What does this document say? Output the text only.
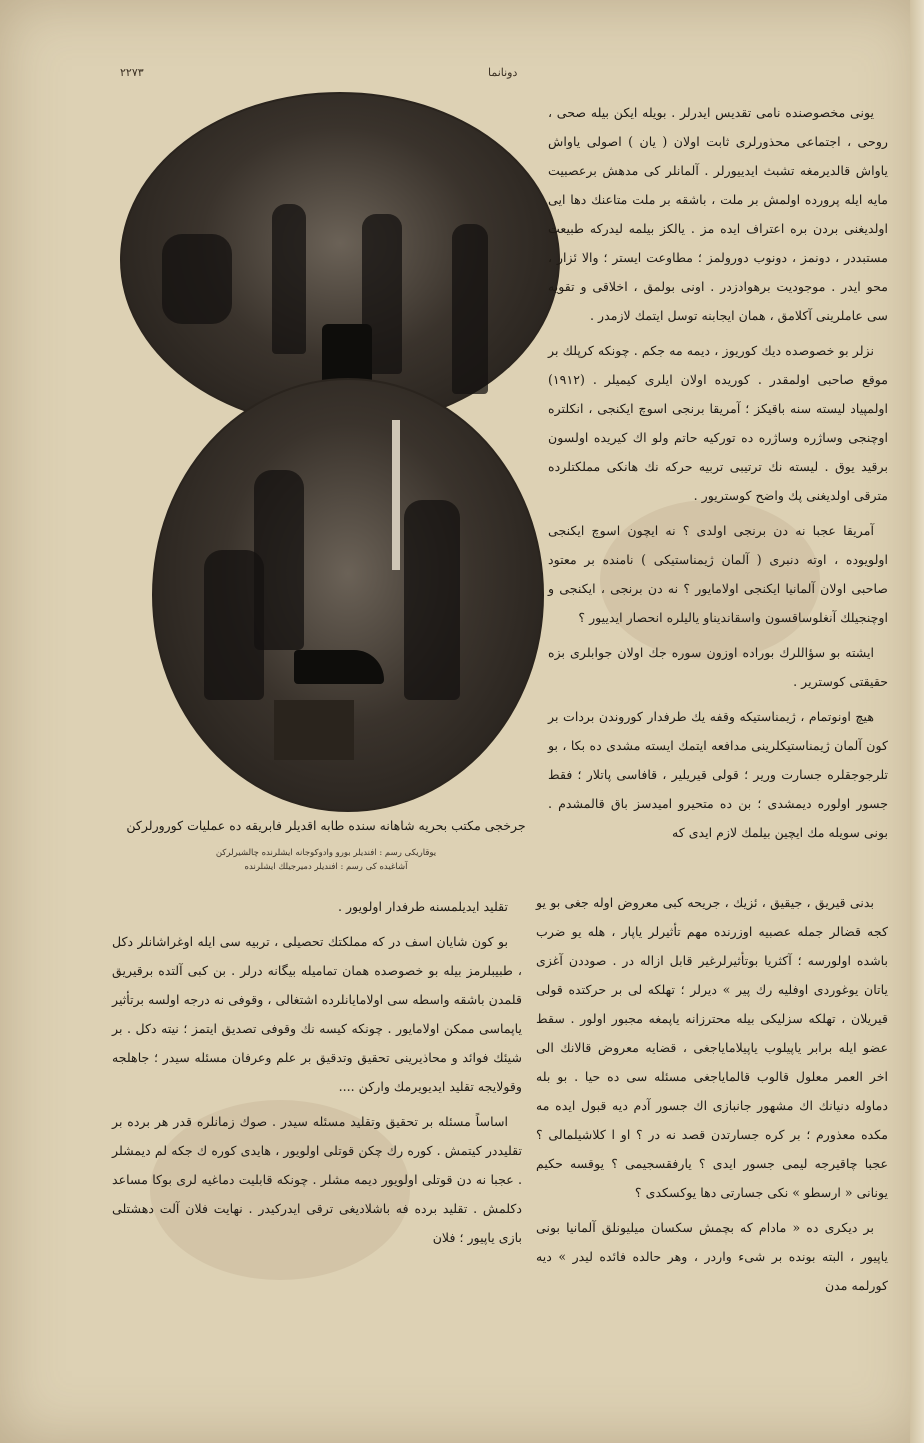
۲۲۷۳	دونانما
جرخجی مکتب بحریه شاهانه سنده طابه اقدیلر فابریقه ده عملیات کورورلرکن
یوقاریکی رسم : افندیلر بورو وادوکوجانه ایشلرنده چالشیرلرکن
آشاغیده کی رسم : افندیلر دمیرجیلك ایشلرنده

یونی مخصوصنده نامی تقدیس ایدرلر . بویله ایکن بیله صحی ، روحی ، اجتماعی محذورلری ثابت اولان ( یان ) اصولی یاواش یاواش قالدیرمغه تشبث ایدییورلر . آلمانلر کی مدهش برعصبیت مایه ایله پرورده اولمش بر ملت ، باشقه بر ملت متاعنك دها ایی اولدیغنی بردن بره اعتراف ایده مز . یالکز بیلمه لیدرکه طبیعت مستبددر ، دونمز ، دونوب دورولمز ؛ مطاوعت ایستر ؛ والا ئزار ، محو ایدر . موجودیت برهوادزدر . اونی بولمق ، اخلاقی و تقویه سی عاملرینی آکلامق ، همان ایجابنه توسل ایتمك لازمدر .

نزلر بو خصوصده دیك كوریوز ، دیمه مه جکم . چونکه کرپلك بر موقع صاحبی اولمقدر . کوریده اولان ایلری کیمیلر . (۱۹۱۲) اولمپیاد لیسته سنه باقیکز ؛ آمریقا برنجی اسوچ ایکنجی ، انکلتره اوچنجی وساژره وساژره ده تورکیه حاتم ولو اك کیریده اولسون برقید یوق . لیسته نك ترتیبی تربیه حرکه نك هانکی مملکتلرده مترقی اولدیغنی پك واضح کوستریور .

آمریقا عجبا نه دن برنجی اولدی ؟ نه ایچون اسوچ ایکنجی اولویوده ، اوته دنبری ( آلمان ژیمناستیکی ) نامنده بر معتود صاحبی اولان آلمانیا ایکنجی اولامایور ؟ نه دن برنجی ، ایکنجی و اوچنجیلك آنغلوساقسون واسقاندیناو یالیلره انحصار ایدییور ؟

ایشته بو سؤاللرك بوراده اوزون سوره جك اولان جوابلری بزه حقیقتی کوستریر .

هیچ اونوتمام ، ژیمناستیکه وقفه یك طرفدار کوروندن بردات بر کون آلمان ژیمناستیکلرینی مدافعه ایتمك ایسته مشدی ده بکا ، بو تلرجوجقلره جسارت وریر ؛ قولی قیریلیر ، قافاسی پاتلار ؛ فقط جسور اولوره دیمشدی ؛ بن ده متحیرو امیدسز باق قالمشدم . بونی سویله مك ایچین بیلمك لازم ایدی که

بدنی قیریق ، جیقیق ، ئزیك ، جریحه کبی معروض اوله جغی بو یو کجه قضالر جمله عصبیه اوزرنده مهم تأثیرلر یاپار ، هله یو ضرب باشده اولورسه ؛ آکثریا بوتأثیرلرغیر قابل ازاله در . صوددن آغزی یاتان یوغوردی اوفلیه رك پیر » دیرلر ؛ تهلکه لی بر حرکتده قولی قیریلان ، تهلکه سزلیکی بیله محترزانه یاپمغه مجبور اولور . سقط عضو ایله برابر یاپیلوب یاپیلامایاجغی ، قضایه معروض قالانك الی اخر العمر معلول قالوب قالمایاجغی مسئله سی ده حیا . بو بله دماوله دنیانك اك مشهور جانبازی اك جسور آدم دیه قبول ایده مه مکده معذورم ؛ بر کره جسارتدن قصد نه در ؟ او ا کلاشیلمالی ؟ عجبا چاقیرجه لیمی جسور ایدی ؟ یارفقسجیمی ؟ یوقسه حکیم یونانی « ارسطو » نکی جسارتی دها یوکسکدی ؟

بر دیکری ده « مادام که بچمش سکسان میلیونلق آلمانیا بونی یاپیور ، البته بونده بر شیء واردر ، وهر حالده فائده لیدر » دیه کورلمه مدن

تقلید ایدیلمسنه طرفدار اولویور .

بو کون شایان اسف در که مملکتك تحصیلی ، تربیه سی ایله اوغراشانلر دکل ، طبیبلرمز بیله بو خصوصده همان تمامیله بیگانه درلر . بن کبی آلتده برقیریق قلمدن باشقه واسطه سی اولامایانلرده اشتغالی ، وقوفی نه درجه اولسه برتأثیر یاپماسی ممکن اولامایور . چونکه کیسه نك وقوفی تصدیق ایتمز ؛ نیته دکل . بر شیئك فوائد و محاذیرینی تحقیق وتدقیق بر علم وعرفان مسئله سیدر ؛ جاهلجه وقولایجه تقلید ایدیویرمك وارکن ....

اساساً مسئله بر تحقیق وتقلید مسئله سیدر . صوك زمانلره قدر هر برده بر تقلیددر کیتمش . کوره رك چکن قوتلی اولویور ، هایدی کوره ك جکه لم دیمشلر . عجبا نه دن قوتلی اولویور دیمه مشلر . چونکه قابلیت دماغیه لری بوکا مساعد دکلمش . تقلید برده فه باشلادیغی ترقی ایدرکیدر . نهایت فلان آلت دهشتلی بازی یاپیور ؛ فلان
